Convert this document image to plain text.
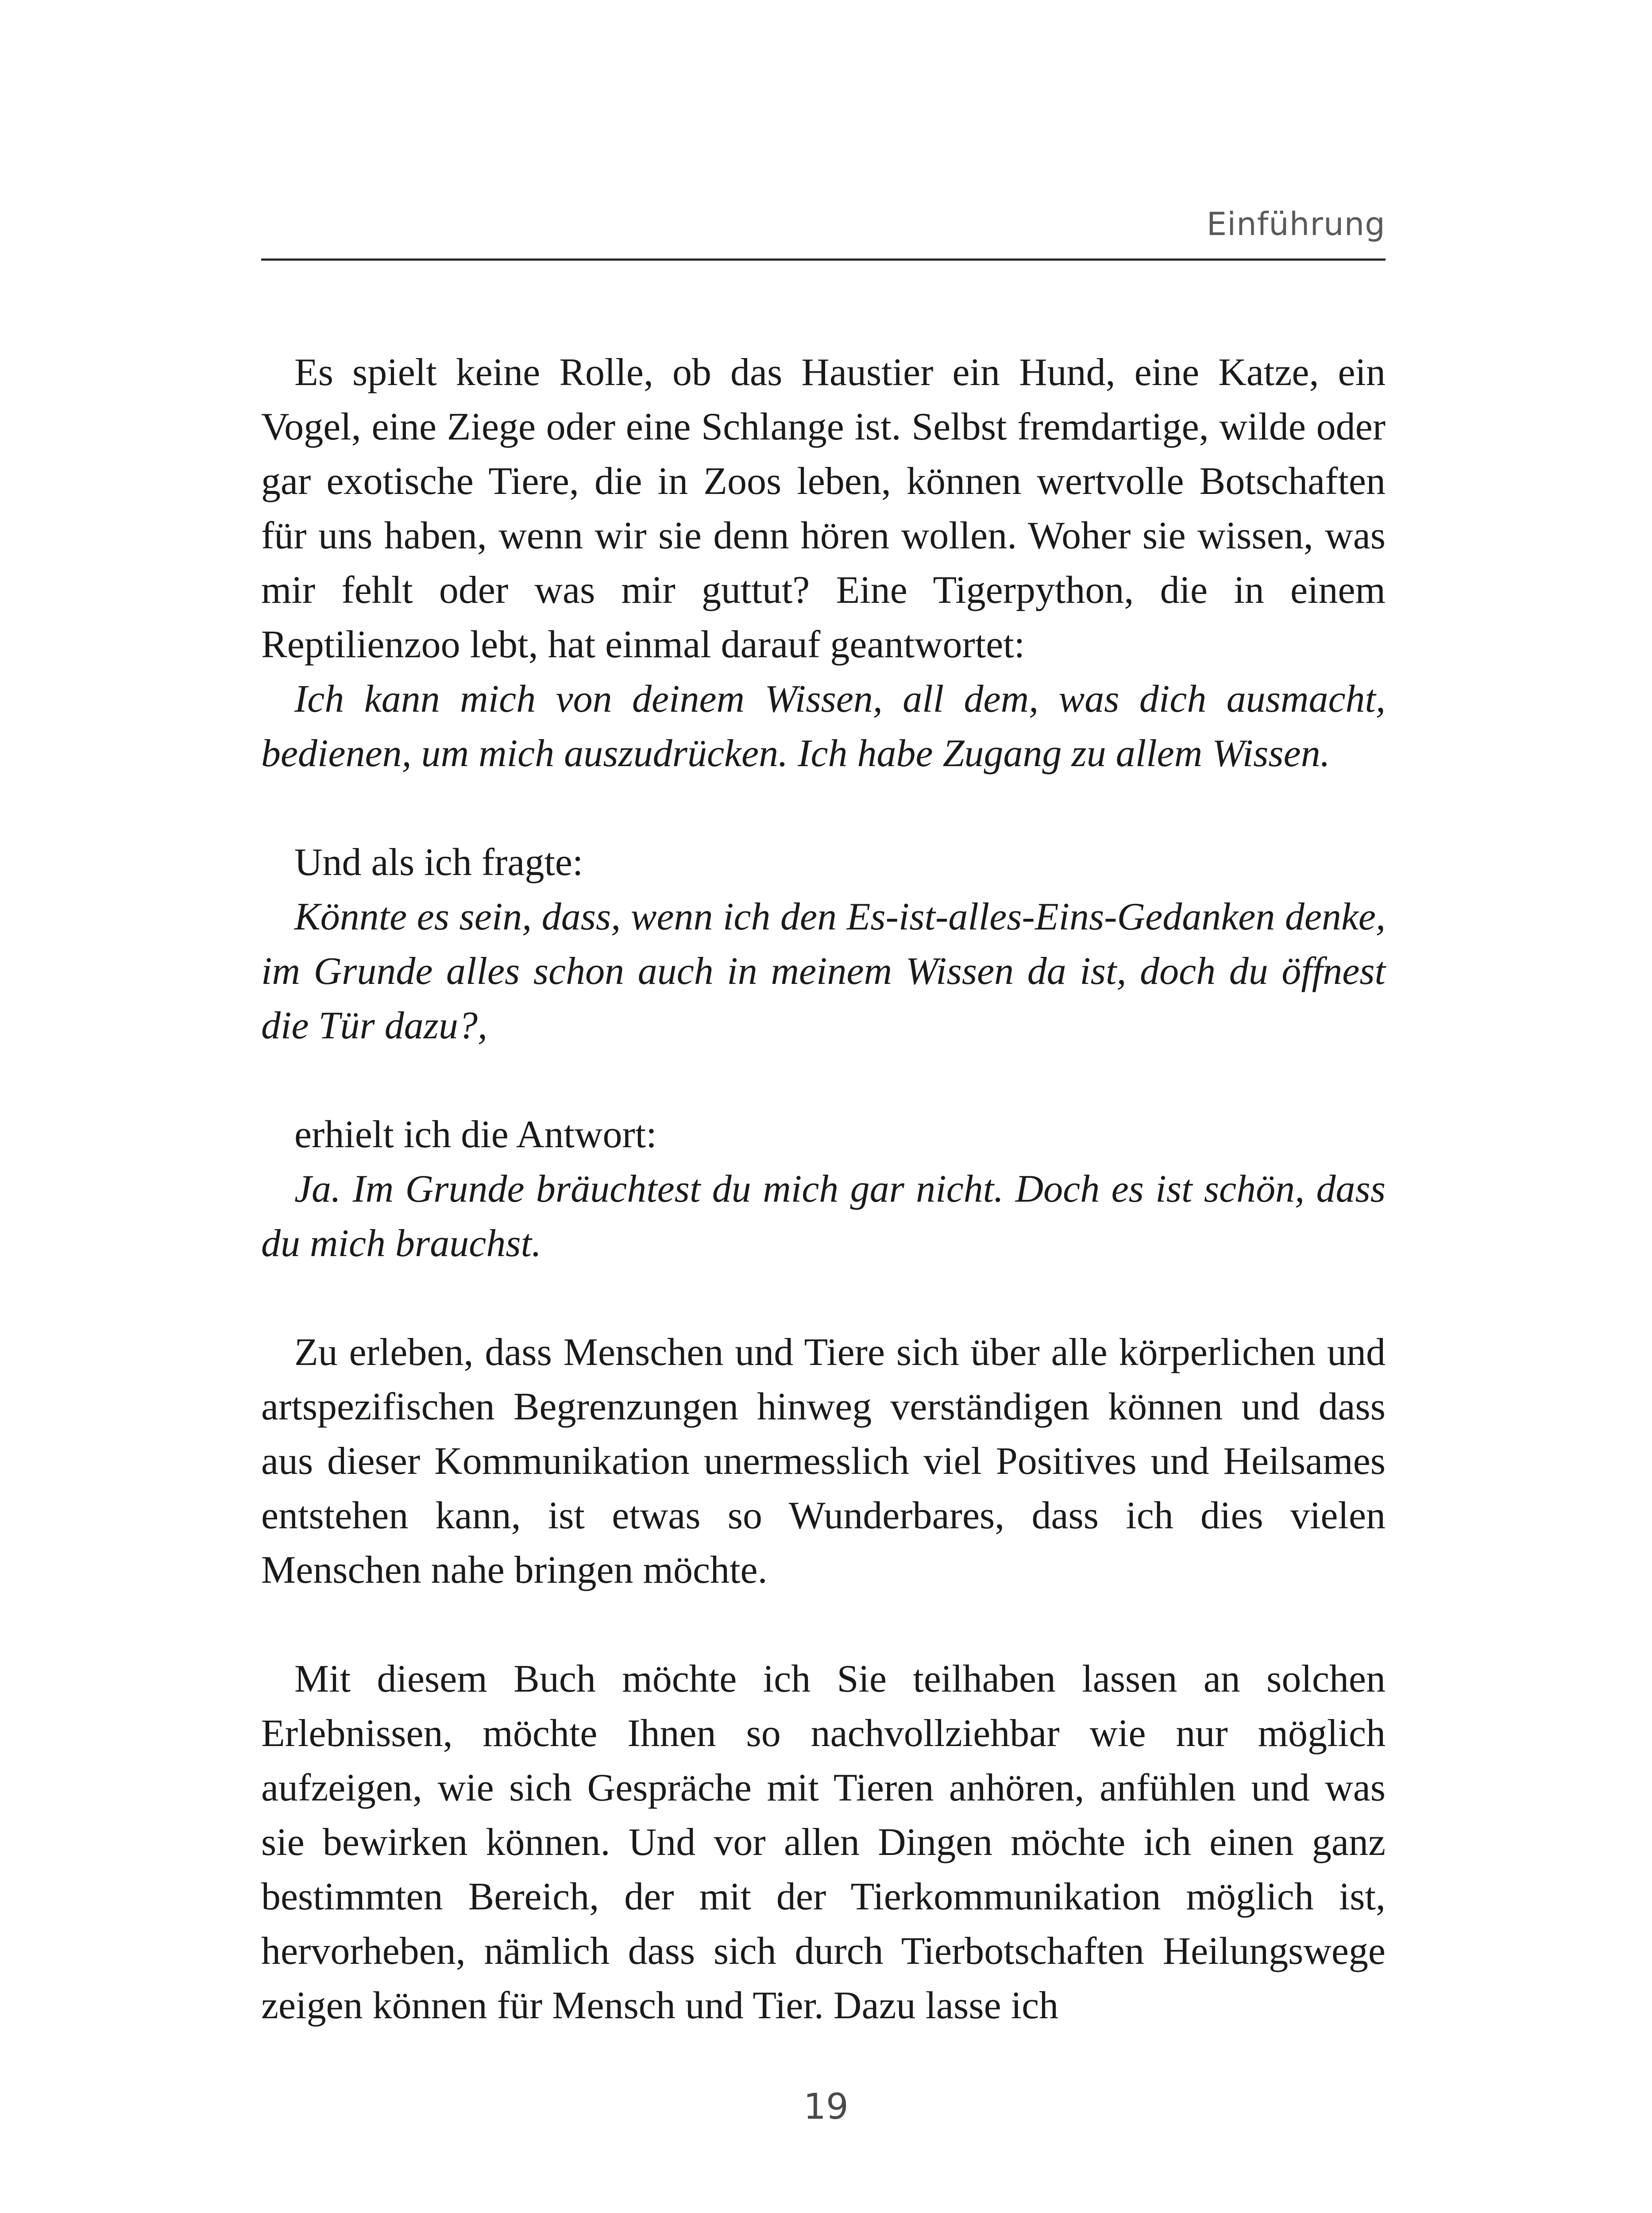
Einführung

Es spielt keine Rolle, ob das Haustier ein Hund, eine Katze, ein Vogel, eine Ziege oder eine Schlange ist. Selbst fremdartige, wilde oder gar exotische Tiere, die in Zoos leben, können wertvolle Botschaften für uns haben, wenn wir sie denn hören wollen. Woher sie wissen, was mir fehlt oder was mir guttut? Eine Tigerpython, die in einem Reptilienzoo lebt, hat einmal darauf geantwortet:

Ich kann mich von deinem Wissen, all dem, was dich ausmacht, bedienen, um mich auszudrücken. Ich habe Zugang zu allem Wissen.

Und als ich fragte:

Könnte es sein, dass, wenn ich den Es-ist-alles-Eins-Gedanken denke, im Grunde alles schon auch in meinem Wissen da ist, doch du öffnest die Tür dazu?,

erhielt ich die Antwort:

Ja. Im Grunde bräuchtest du mich gar nicht. Doch es ist schön, dass du mich brauchst.

Zu erleben, dass Menschen und Tiere sich über alle körperlichen und artspezifischen Begrenzungen hinweg verständigen können und dass aus dieser Kommunikation unermesslich viel Positives und Heilsames entstehen kann, ist etwas so Wunderbares, dass ich dies vielen Menschen nahe bringen möchte.

Mit diesem Buch möchte ich Sie teilhaben lassen an solchen Erlebnissen, möchte Ihnen so nachvollziehbar wie nur möglich aufzeigen, wie sich Gespräche mit Tieren anhören, anfühlen und was sie bewirken können. Und vor allen Dingen möchte ich einen ganz bestimmten Bereich, der mit der Tierkommunikation möglich ist, hervorheben, nämlich dass sich durch Tierbotschaften Heilungswege zeigen können für Mensch und Tier. Dazu lasse ich

19
